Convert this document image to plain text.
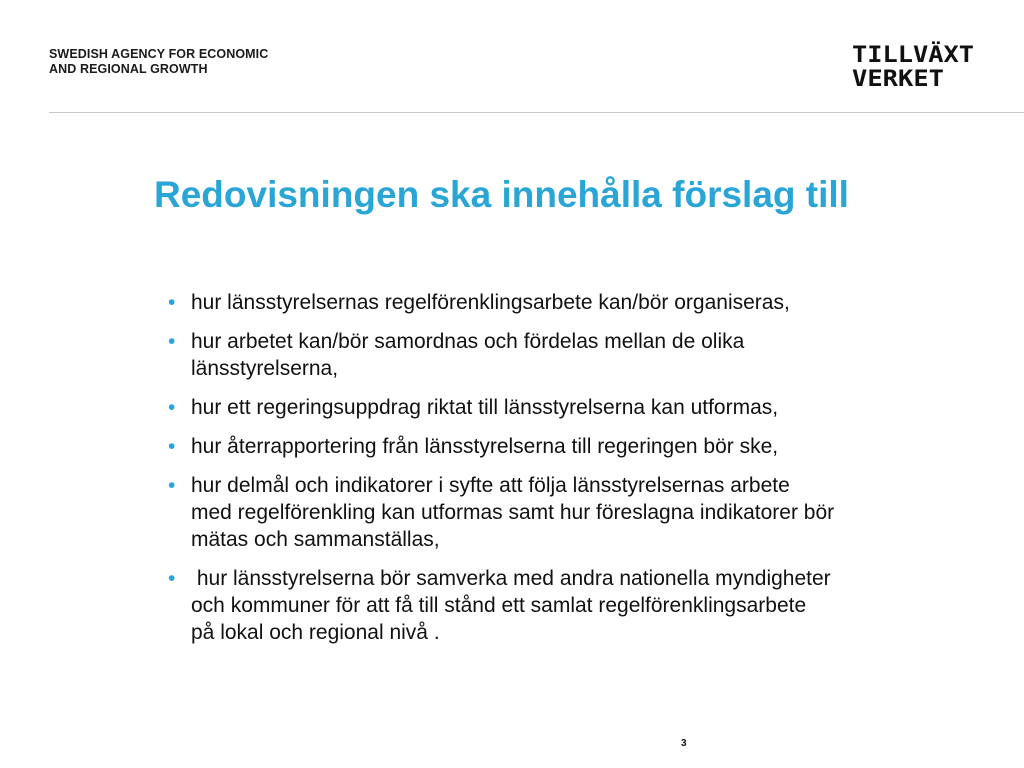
SWEDISH AGENCY FOR ECONOMIC
AND REGIONAL GROWTH
TILLVÄXT
VERKET
Redovisningen ska innehålla förslag till
• hur länsstyrelsernas regelförenklingsarbete kan/bör organiseras,
• hur arbetet kan/bör samordnas och fördelas mellan de olika
länsstyrelserna,
• hur ett regeringsuppdrag riktat till länsstyrelserna kan utformas,
• hur återrapportering från länsstyrelserna till regeringen bör ske,
• hur delmål och indikatorer i syfte att följa länsstyrelsernas arbete
med regelförenkling kan utformas samt hur föreslagna indikatorer bör
mätas och sammanställas,
• hur länsstyrelserna bör samverka med andra nationella myndigheter
och kommuner för att få till stånd ett samlat regelförenklingsarbete
på lokal och regional nivå .
3
